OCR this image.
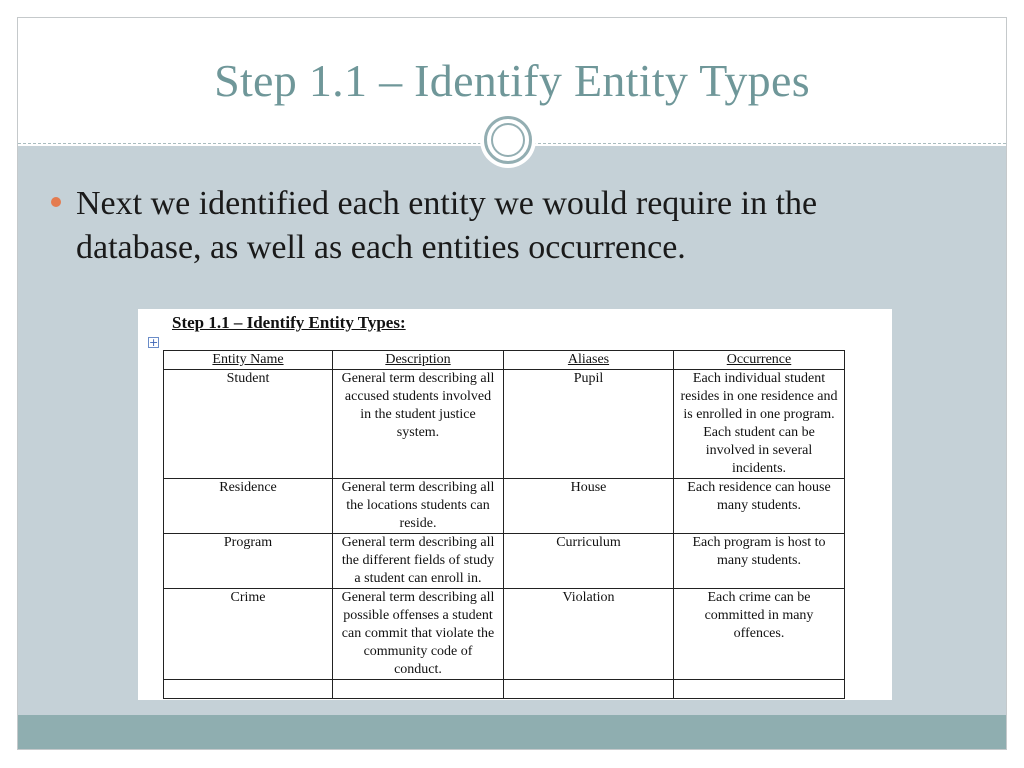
Step 1.1 – Identify Entity Types
Next we identified each entity we would require in the database, as well as each entities occurrence.
Step 1.1 – Identify Entity Types:
+
Entity Name	Description	Aliases	Occurrence
Student	General term describing all accused students involved in the student justice system.	Pupil	Each individual student resides in one residence and is enrolled in one program. Each student can be involved in several incidents.
Residence	General term describing all the locations students can reside.	House	Each residence can house many students.
Program	General term describing all the different fields of study a student can enroll in.	Curriculum	Each program is host to many students.
Crime	General term describing all possible offenses a student can commit that violate the community code of conduct.	Violation	Each crime can be committed in many offences.
